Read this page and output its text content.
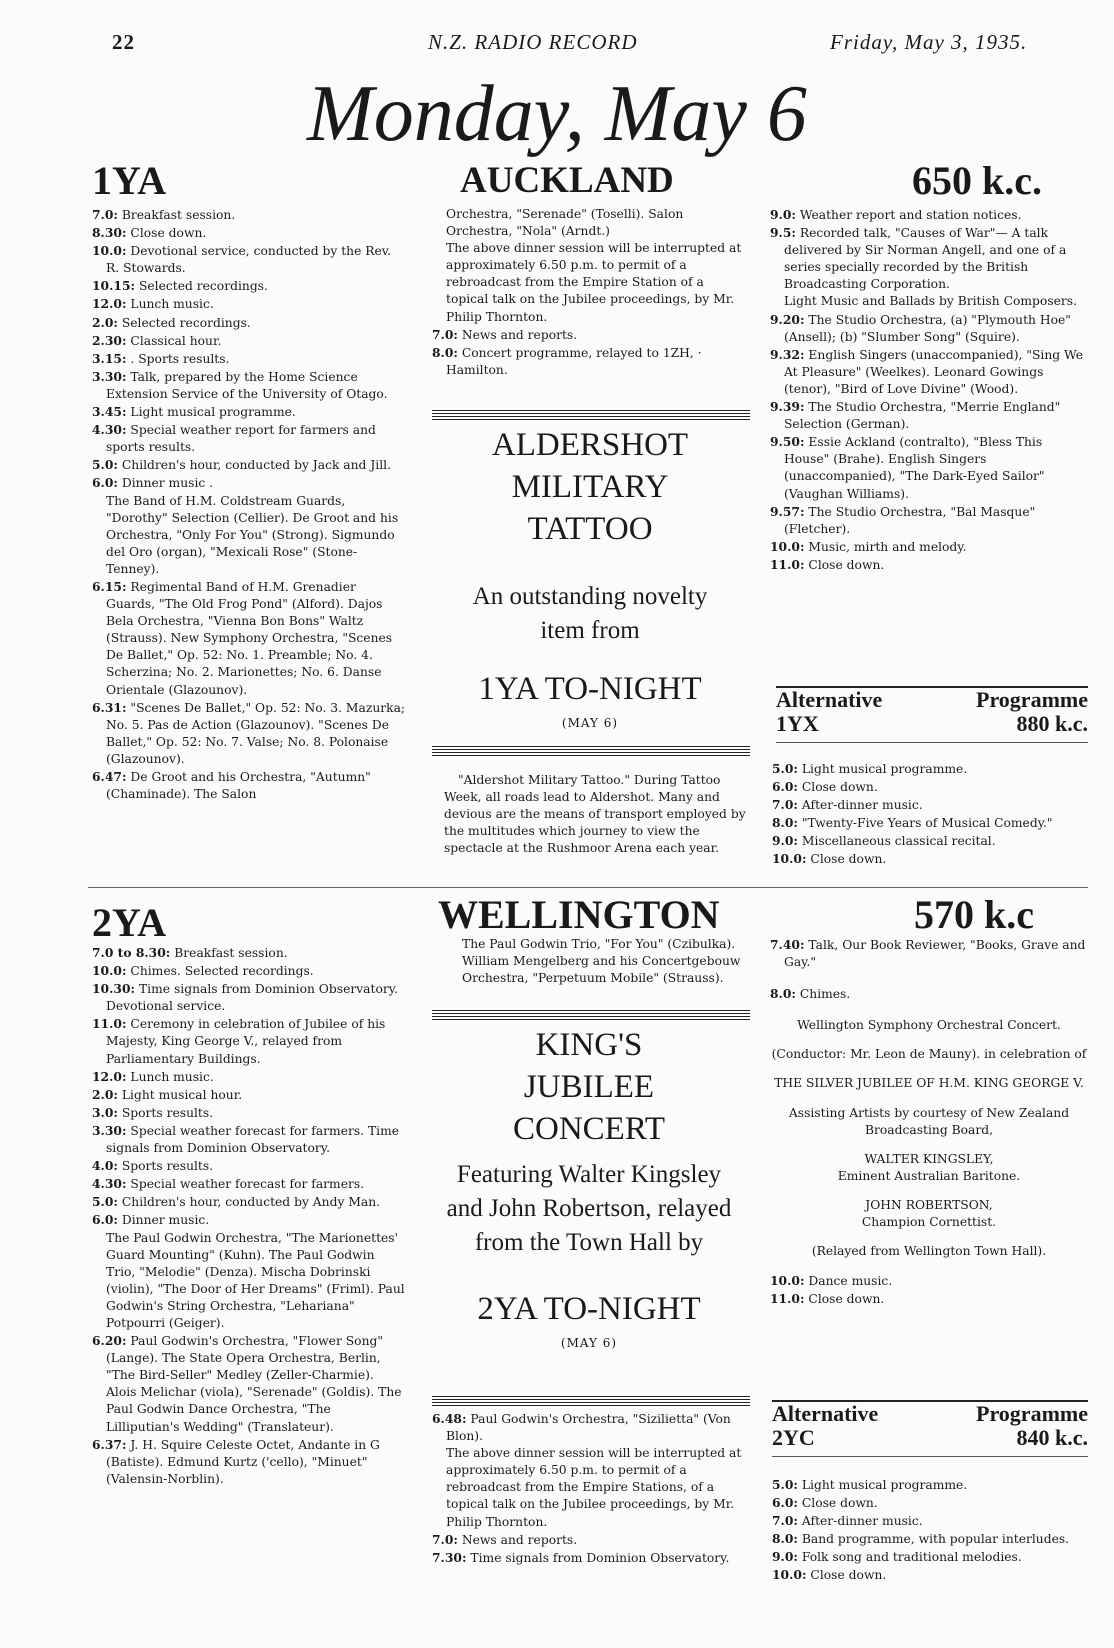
22	N.Z. RADIO RECORD	Friday, May 3, 1935.
Monday, May 6
1YA	AUCKLAND	650 k.c.
7.0: Breakfast session.
8.30: Close down.
10.0: Devotional service, conducted by the Rev. R. Stowards.
10.15: Selected recordings.
12.0: Lunch music.
2.0: Selected recordings.
2.30: Classical hour.
3.15: . Sports results.
3.30: Talk, prepared by the Home Science Extension Service of the University of Otago.
3.45: Light musical programme.
4.30: Special weather report for farmers and sports results.
5.0: Children's hour, conducted by Jack and Jill.
6.0: Dinner music .
The Band of H.M. Coldstream Guards, "Dorothy" Selection (Cellier). De Groot and his Orchestra, "Only For You" (Strong). Sigmundo del Oro (organ), "Mexicali Rose" (Stone-Tenney).
6.15: Regimental Band of H.M. Grenadier Guards, "The Old Frog Pond" (Alford). Dajos Bela Orchestra, "Vienna Bon Bons" Waltz (Strauss). New Symphony Orchestra, "Scenes De Ballet," Op. 52: No. 1. Preamble; No. 4. Scherzina; No. 2. Marionettes; No. 6. Danse Orientale (Glazounov).
6.31: "Scenes De Ballet," Op. 52: No. 3. Mazurka; No. 5. Pas de Action (Glazounov). "Scenes De Ballet," Op. 52: No. 7. Valse; No. 8. Polonaise (Glazounov).
6.47: De Groot and his Orchestra, "Autumn" (Chaminade). The Salon
Orchestra, "Serenade" (Toselli). Salon Orchestra, "Nola" (Arndt.)
The above dinner session will be interrupted at approximately 6.50 p.m. to permit of a rebroadcast from the Empire Station of a topical talk on the Jubilee proceedings, by Mr. Philip Thornton.
7.0: News and reports.
8.0: Concert programme, relayed to 1ZH, · Hamilton.
ALDERSHOT
MILITARY
TATTOO
An outstanding novelty
item from
1YA TO-NIGHT
(MAY 6)
"Aldershot Military Tattoo." During Tattoo Week, all roads lead to Aldershot. Many and devious are the means of transport employed by the multitudes which journey to view the spectacle at the Rushmoor Arena each year.
9.0: Weather report and station notices.
9.5: Recorded talk, "Causes of War"— A talk delivered by Sir Norman Angell, and one of a series specially recorded by the British Broadcasting Corporation.
Light Music and Ballads by British Composers.
9.20: The Studio Orchestra, (a) "Plymouth Hoe" (Ansell); (b) "Slumber Song" (Squire).
9.32: English Singers (unaccompanied), "Sing We At Pleasure" (Weelkes). Leonard Gowings (tenor), "Bird of Love Divine" (Wood).
9.39: The Studio Orchestra, "Merrie England" Selection (German).
9.50: Essie Ackland (contralto), "Bless This House" (Brahe). English Singers (unaccompanied), "The Dark-Eyed Sailor" (Vaughan Williams).
9.57: The Studio Orchestra, "Bal Masque" (Fletcher).
10.0: Music, mirth and melody.
11.0: Close down.
Alternative	Programme
1YX	880 k.c.
5.0: Light musical programme.
6.0: Close down.
7.0: After-dinner music.
8.0: "Twenty-Five Years of Musical Comedy."
9.0: Miscellaneous classical recital.
10.0: Close down.
2YA	WELLINGTON	570 k.c
7.0 to 8.30: Breakfast session.
10.0: Chimes. Selected recordings.
10.30: Time signals from Dominion Observatory. Devotional service.
11.0: Ceremony in celebration of Jubilee of his Majesty, King George V., relayed from Parliamentary Buildings.
12.0: Lunch music.
2.0: Light musical hour.
3.0: Sports results.
3.30: Special weather forecast for farmers. Time signals from Dominion Observatory.
4.0: Sports results.
4.30: Special weather forecast for farmers.
5.0: Children's hour, conducted by Andy Man.
6.0: Dinner music.
The Paul Godwin Orchestra, "The Marionettes' Guard Mounting" (Kuhn). The Paul Godwin Trio, "Melodie" (Denza). Mischa Dobrinski (violin), "The Door of Her Dreams" (Friml). Paul Godwin's String Orchestra, "Lehariana" Potpourri (Geiger).
6.20: Paul Godwin's Orchestra, "Flower Song" (Lange). The State Opera Orchestra, Berlin, "The Bird-Seller" Medley (Zeller-Charmie). Alois Melichar (viola), "Serenade" (Goldis). The Paul Godwin Dance Orchestra, "The Lilliputian's Wedding" (Translateur).
6.37: J. H. Squire Celeste Octet, Andante in G (Batiste). Edmund Kurtz ('cello), "Minuet" (Valensin-Norblin).
The Paul Godwin Trio, "For You" (Czibulka). William Mengelberg and his Concertgebouw Orchestra, "Perpetuum Mobile" (Strauss).
KING'S
JUBILEE
CONCERT
Featuring Walter Kingsley
and John Robertson, relayed
from the Town Hall by
2YA TO-NIGHT
(MAY 6)
6.48: Paul Godwin's Orchestra, "Sizilietta" (Von Blon).
The above dinner session will be interrupted at approximately 6.50 p.m. to permit of a rebroadcast from the Empire Stations, of a topical talk on the Jubilee proceedings, by Mr. Philip Thornton.
7.0: News and reports.
7.30: Time signals from Dominion Observatory.
7.40: Talk, Our Book Reviewer, "Books, Grave and Gay."
8.0: Chimes.
Wellington Symphony Orchestral Concert.
(Conductor: Mr. Leon de Mauny). in celebration of
THE SILVER JUBILEE OF H.M. KING GEORGE V.
Assisting Artists by courtesy of New Zealand Broadcasting Board,
WALTER KINGSLEY,
Eminent Australian Baritone.
JOHN ROBERTSON,
Champion Cornettist.
(Relayed from Wellington Town Hall).
10.0: Dance music.
11.0: Close down.
Alternative	Programme
2YC	840 k.c.
5.0: Light musical programme.
6.0: Close down.
7.0: After-dinner music.
8.0: Band programme, with popular interludes.
9.0: Folk song and traditional melodies.
10.0: Close down.
